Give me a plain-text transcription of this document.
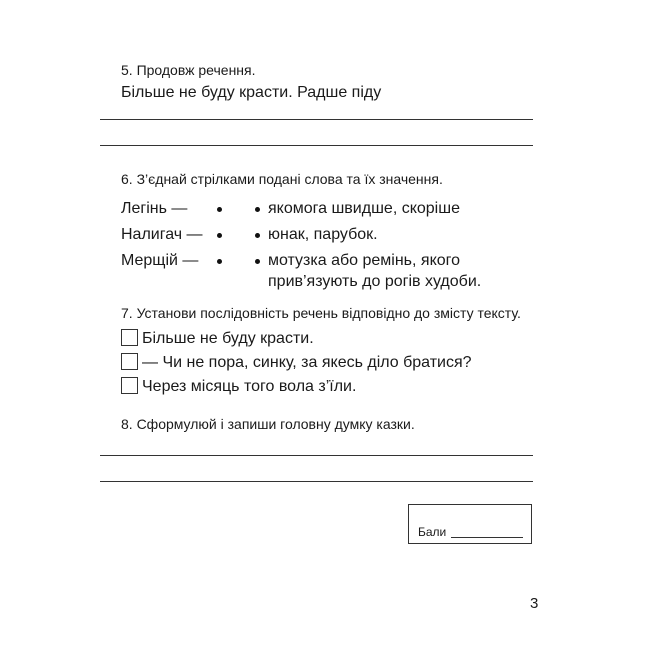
5. Продовж речення.
Більше не буду красти. Радше піду
6. З’єднай стрілками подані слова та їх значення.
Легінь —
Налигач —
Мерщій —
якомога швидше, скоріше
юнак, парубок.
мотузка або ремінь, якого
прив’язують до рогів худоби.
7. Установи послідовність речень відповідно до змісту тексту.
Більше не буду красти.
— Чи не пора, синку, за якесь діло братися?
Через місяць того вола з’їли.
8. Сформулюй і запиши головну думку казки.
Бали
3
